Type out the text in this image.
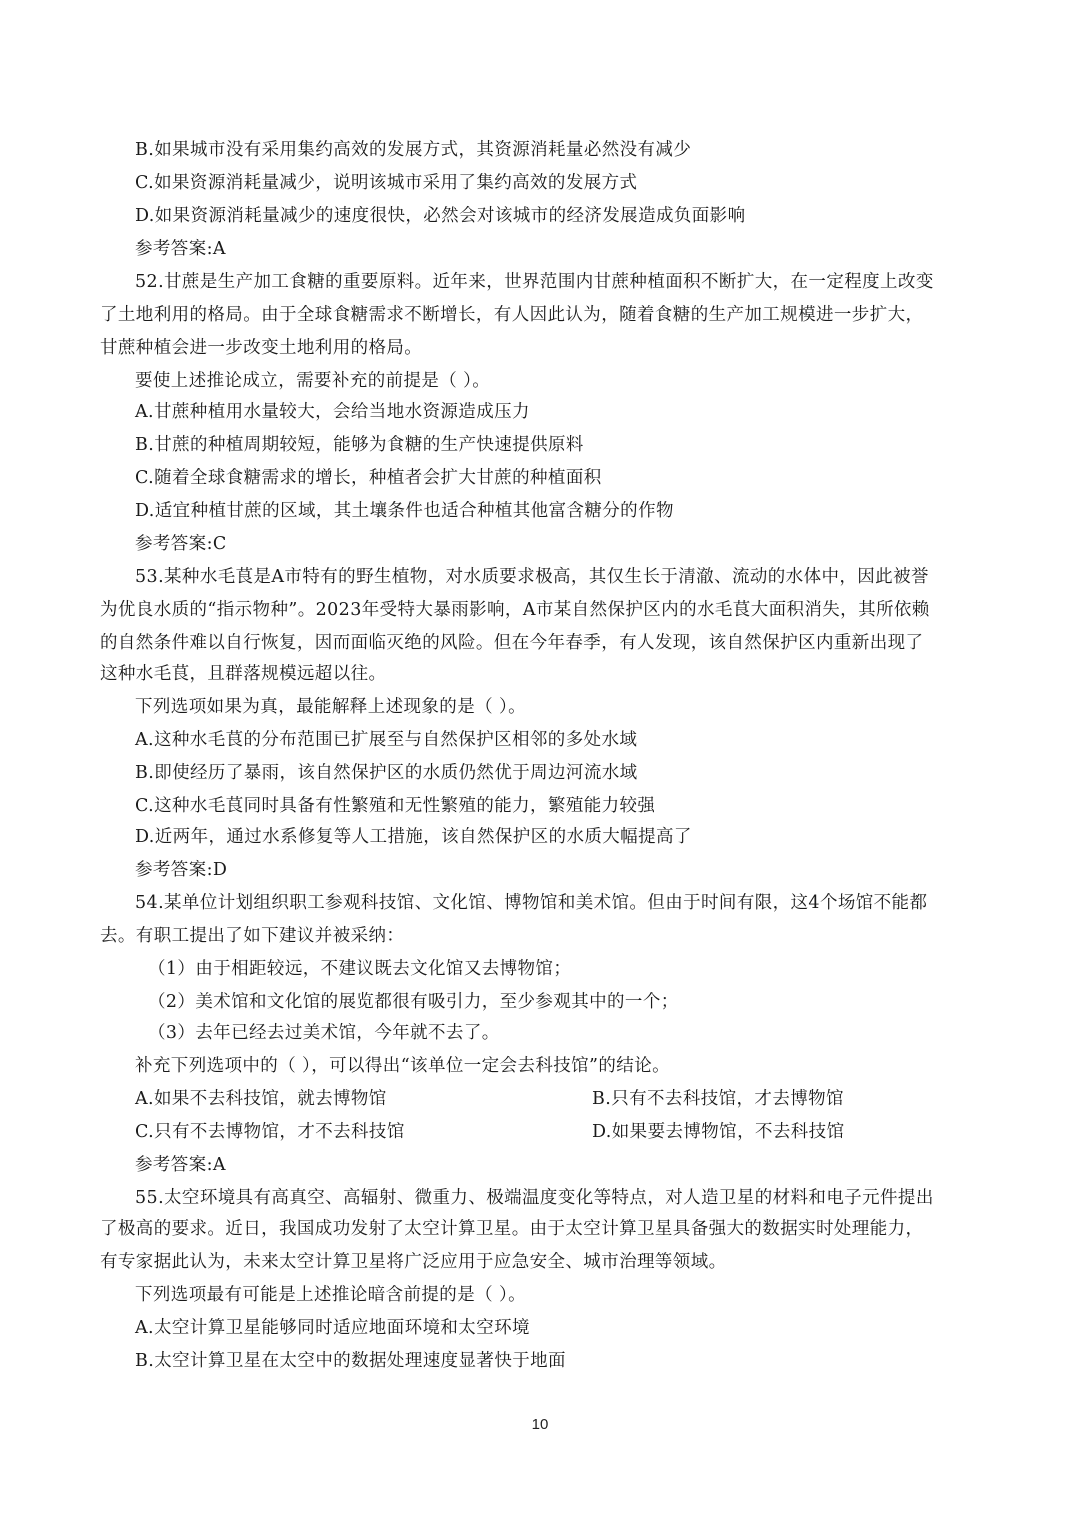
B.如果城市没有采用集约高效的发展方式，其资源消耗量必然没有减少
C.如果资源消耗量减少，说明该城市采用了集约高效的发展方式
D.如果资源消耗量减少的速度很快，必然会对该城市的经济发展造成负面影响
参考答案:A
52.甘蔗是生产加工食糖的重要原料。近年来，世界范围内甘蔗种植面积不断扩大，在一定程度上改变
了土地利用的格局。由于全球食糖需求不断增长，有人因此认为，随着食糖的生产加工规模进一步扩大，
甘蔗种植会进一步改变土地利用的格局。
要使上述推论成立，需要补充的前提是（ ）。
A.甘蔗种植用水量较大，会给当地水资源造成压力
B.甘蔗的种植周期较短，能够为食糖的生产快速提供原料
C.随着全球食糖需求的增长，种植者会扩大甘蔗的种植面积
D.适宜种植甘蔗的区域，其土壤条件也适合种植其他富含糖分的作物
参考答案:C
53.某种水毛茛是A市特有的野生植物，对水质要求极高，其仅生长于清澈、流动的水体中，因此被誉
为优良水质的“指示物种”。2023年受特大暴雨影响，A市某自然保护区内的水毛茛大面积消失，其所依赖
的自然条件难以自行恢复，因而面临灭绝的风险。但在今年春季，有人发现，该自然保护区内重新出现了
这种水毛茛，且群落规模远超以往。
下列选项如果为真，最能解释上述现象的是（ ）。
A.这种水毛茛的分布范围已扩展至与自然保护区相邻的多处水域
B.即使经历了暴雨，该自然保护区的水质仍然优于周边河流水域
C.这种水毛茛同时具备有性繁殖和无性繁殖的能力，繁殖能力较强
D.近两年，通过水系修复等人工措施，该自然保护区的水质大幅提高了
参考答案:D
54.某单位计划组织职工参观科技馆、文化馆、博物馆和美术馆。但由于时间有限，这4个场馆不能都
去。有职工提出了如下建议并被采纳：
（1）由于相距较远，不建议既去文化馆又去博物馆；
（2）美术馆和文化馆的展览都很有吸引力，至少参观其中的一个；
（3）去年已经去过美术馆，今年就不去了。
补充下列选项中的（ ），可以得出“该单位一定会去科技馆”的结论。
A.如果不去科技馆，就去博物馆	B.只有不去科技馆，才去博物馆
C.只有不去博物馆，才不去科技馆	D.如果要去博物馆，不去科技馆
参考答案:A
55.太空环境具有高真空、高辐射、微重力、极端温度变化等特点，对人造卫星的材料和电子元件提出
了极高的要求。近日，我国成功发射了太空计算卫星。由于太空计算卫星具备强大的数据实时处理能力，
有专家据此认为，未来太空计算卫星将广泛应用于应急安全、城市治理等领域。
下列选项最有可能是上述推论暗含前提的是（ ）。
A.太空计算卫星能够同时适应地面环境和太空环境
B.太空计算卫星在太空中的数据处理速度显著快于地面
10
